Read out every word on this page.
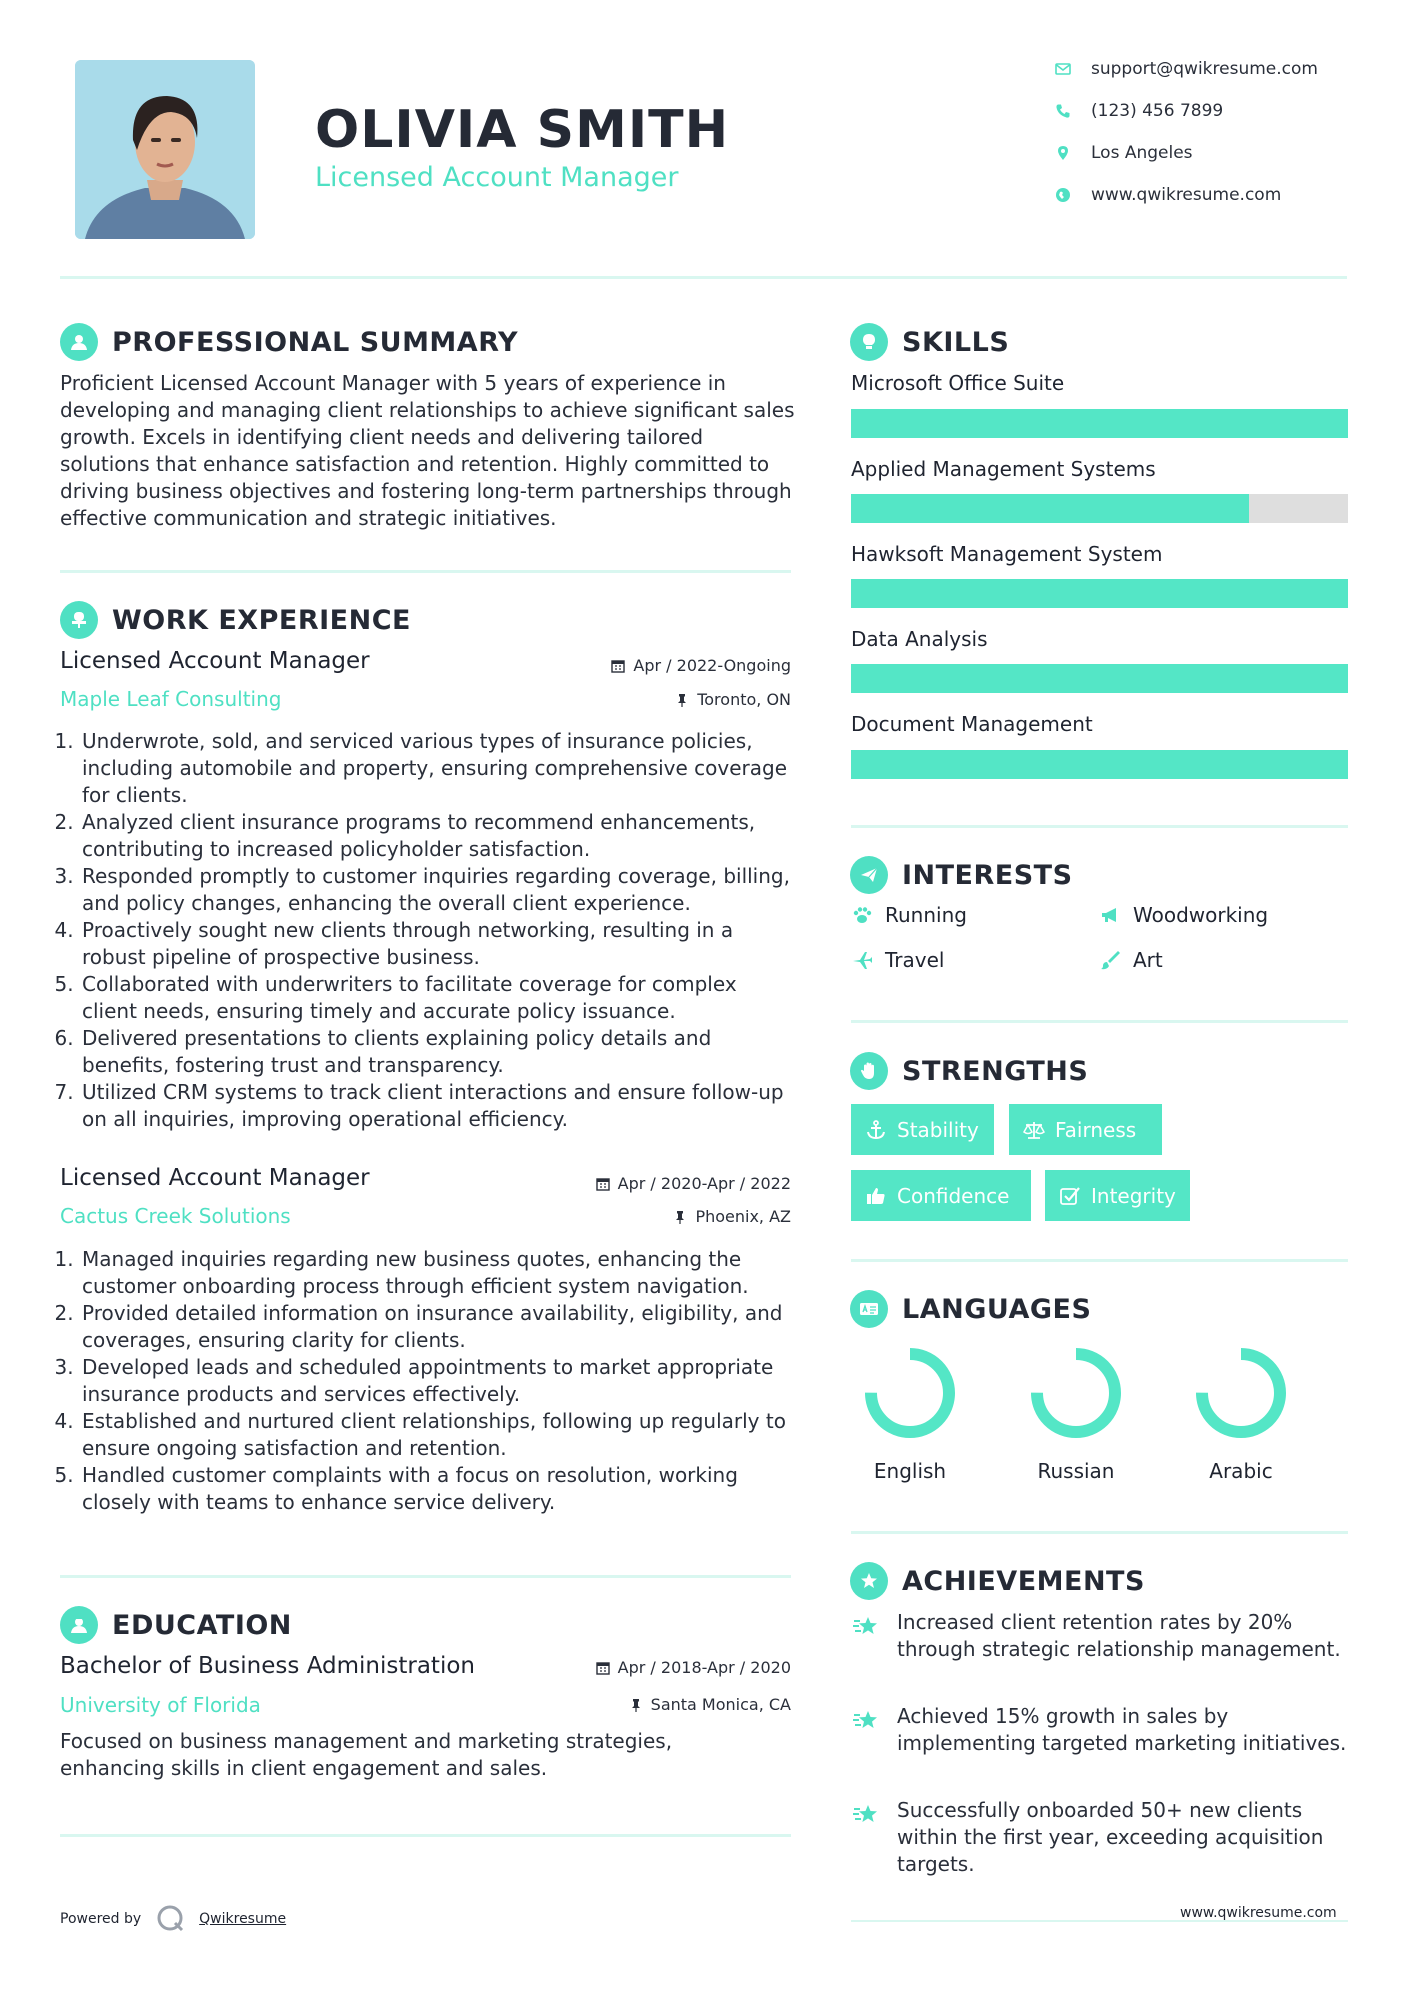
OLIVIA SMITH
Licensed Account Manager
support@qwikresume.com
(123) 456 7899
Los Angeles
www.qwikresume.com
PROFESSIONAL SUMMARY
Proficient Licensed Account Manager with 5 years of experience in developing and managing client relationships to achieve significant sales growth. Excels in identifying client needs and delivering tailored solutions that enhance satisfaction and retention. Highly committed to driving business objectives and fostering long-term partnerships through effective communication and strategic initiatives.
WORK EXPERIENCE
Licensed Account Manager	Apr / 2022-Ongoing
Maple Leaf Consulting	Toronto, ON
1. Underwrote, sold, and serviced various types of insurance policies, including automobile and property, ensuring comprehensive coverage for clients.
2. Analyzed client insurance programs to recommend enhancements, contributing to increased policyholder satisfaction.
3. Responded promptly to customer inquiries regarding coverage, billing, and policy changes, enhancing the overall client experience.
4. Proactively sought new clients through networking, resulting in a robust pipeline of prospective business.
5. Collaborated with underwriters to facilitate coverage for complex client needs, ensuring timely and accurate policy issuance.
6. Delivered presentations to clients explaining policy details and benefits, fostering trust and transparency.
7. Utilized CRM systems to track client interactions and ensure follow-up on all inquiries, improving operational efficiency.
Licensed Account Manager	Apr / 2020-Apr / 2022
Cactus Creek Solutions	Phoenix, AZ
1. Managed inquiries regarding new business quotes, enhancing the customer onboarding process through efficient system navigation.
2. Provided detailed information on insurance availability, eligibility, and coverages, ensuring clarity for clients.
3. Developed leads and scheduled appointments to market appropriate insurance products and services effectively.
4. Established and nurtured client relationships, following up regularly to ensure ongoing satisfaction and retention.
5. Handled customer complaints with a focus on resolution, working closely with teams to enhance service delivery.
EDUCATION
Bachelor of Business Administration	Apr / 2018-Apr / 2020
University of Florida	Santa Monica, CA
Focused on business management and marketing strategies, enhancing skills in client engagement and sales.
SKILLS
Microsoft Office Suite
Applied Management Systems
Hawksoft Management System
Data Analysis
Document Management
INTERESTS
Running	Woodworking
Travel	Art
STRENGTHS
Stability	Fairness
Confidence	Integrity
LANGUAGES
English	Russian	Arabic
ACHIEVEMENTS
Increased client retention rates by 20% through strategic relationship management.
Achieved 15% growth in sales by implementing targeted marketing initiatives.
Successfully onboarded 50+ new clients within the first year, exceeding acquisition targets.
Powered by	Qwikresume	www.qwikresume.com
